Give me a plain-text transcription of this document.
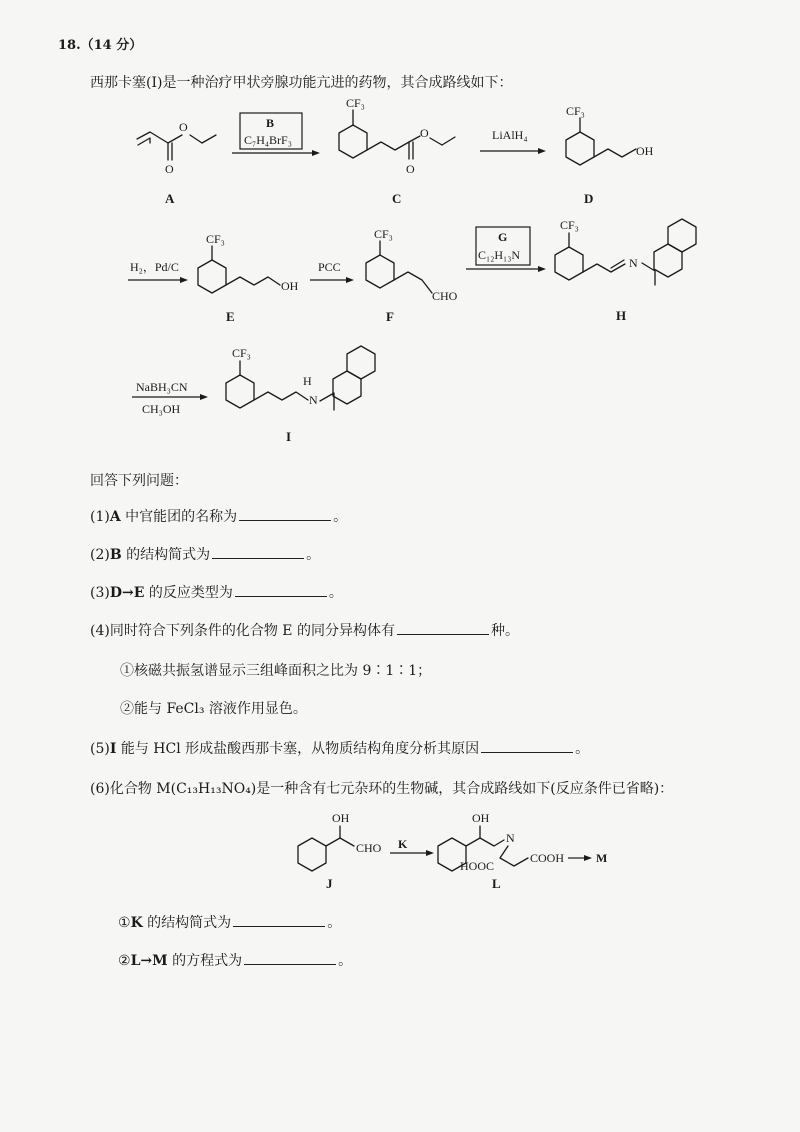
18.（14 分）
西那卡塞(I)是一种治疗甲状旁腺功能亢进的药物，其合成路线如下：
O
O
A
B
C₇H₄BrF₃
CF₃
O
O
C
LiAlH₄
CF₃
OH
D
H₂，Pd/C
CF₃
OH
E
PCC
CF₃
CHO
F
G
C₁₂H₁₃N
CF₃
N
H
NaBH₃CN
CH₃OH
CF₃
H
N
I
回答下列问题：
(1)A 中官能团的名称为	。
(2)B 的结构简式为	。
(3)D→E 的反应类型为	。
(4)同时符合下列条件的化合物 E 的同分异构体有	种。
①核磁共振氢谱显示三组峰面积之比为 9∶1∶1；
②能与 FeCl₃ 溶液作用显色。
(5)I 能与 HCl 形成盐酸西那卡塞，从物质结构角度分析其原因	。
(6)化合物 M(C₁₃H₁₃NO₄)是一种含有七元杂环的生物碱，其合成路线如下(反应条件已省略)：
OH
CHO
J
K
OH
N
HOOC
COOH
L
M
①K 的结构简式为	。
②L→M 的方程式为	。
